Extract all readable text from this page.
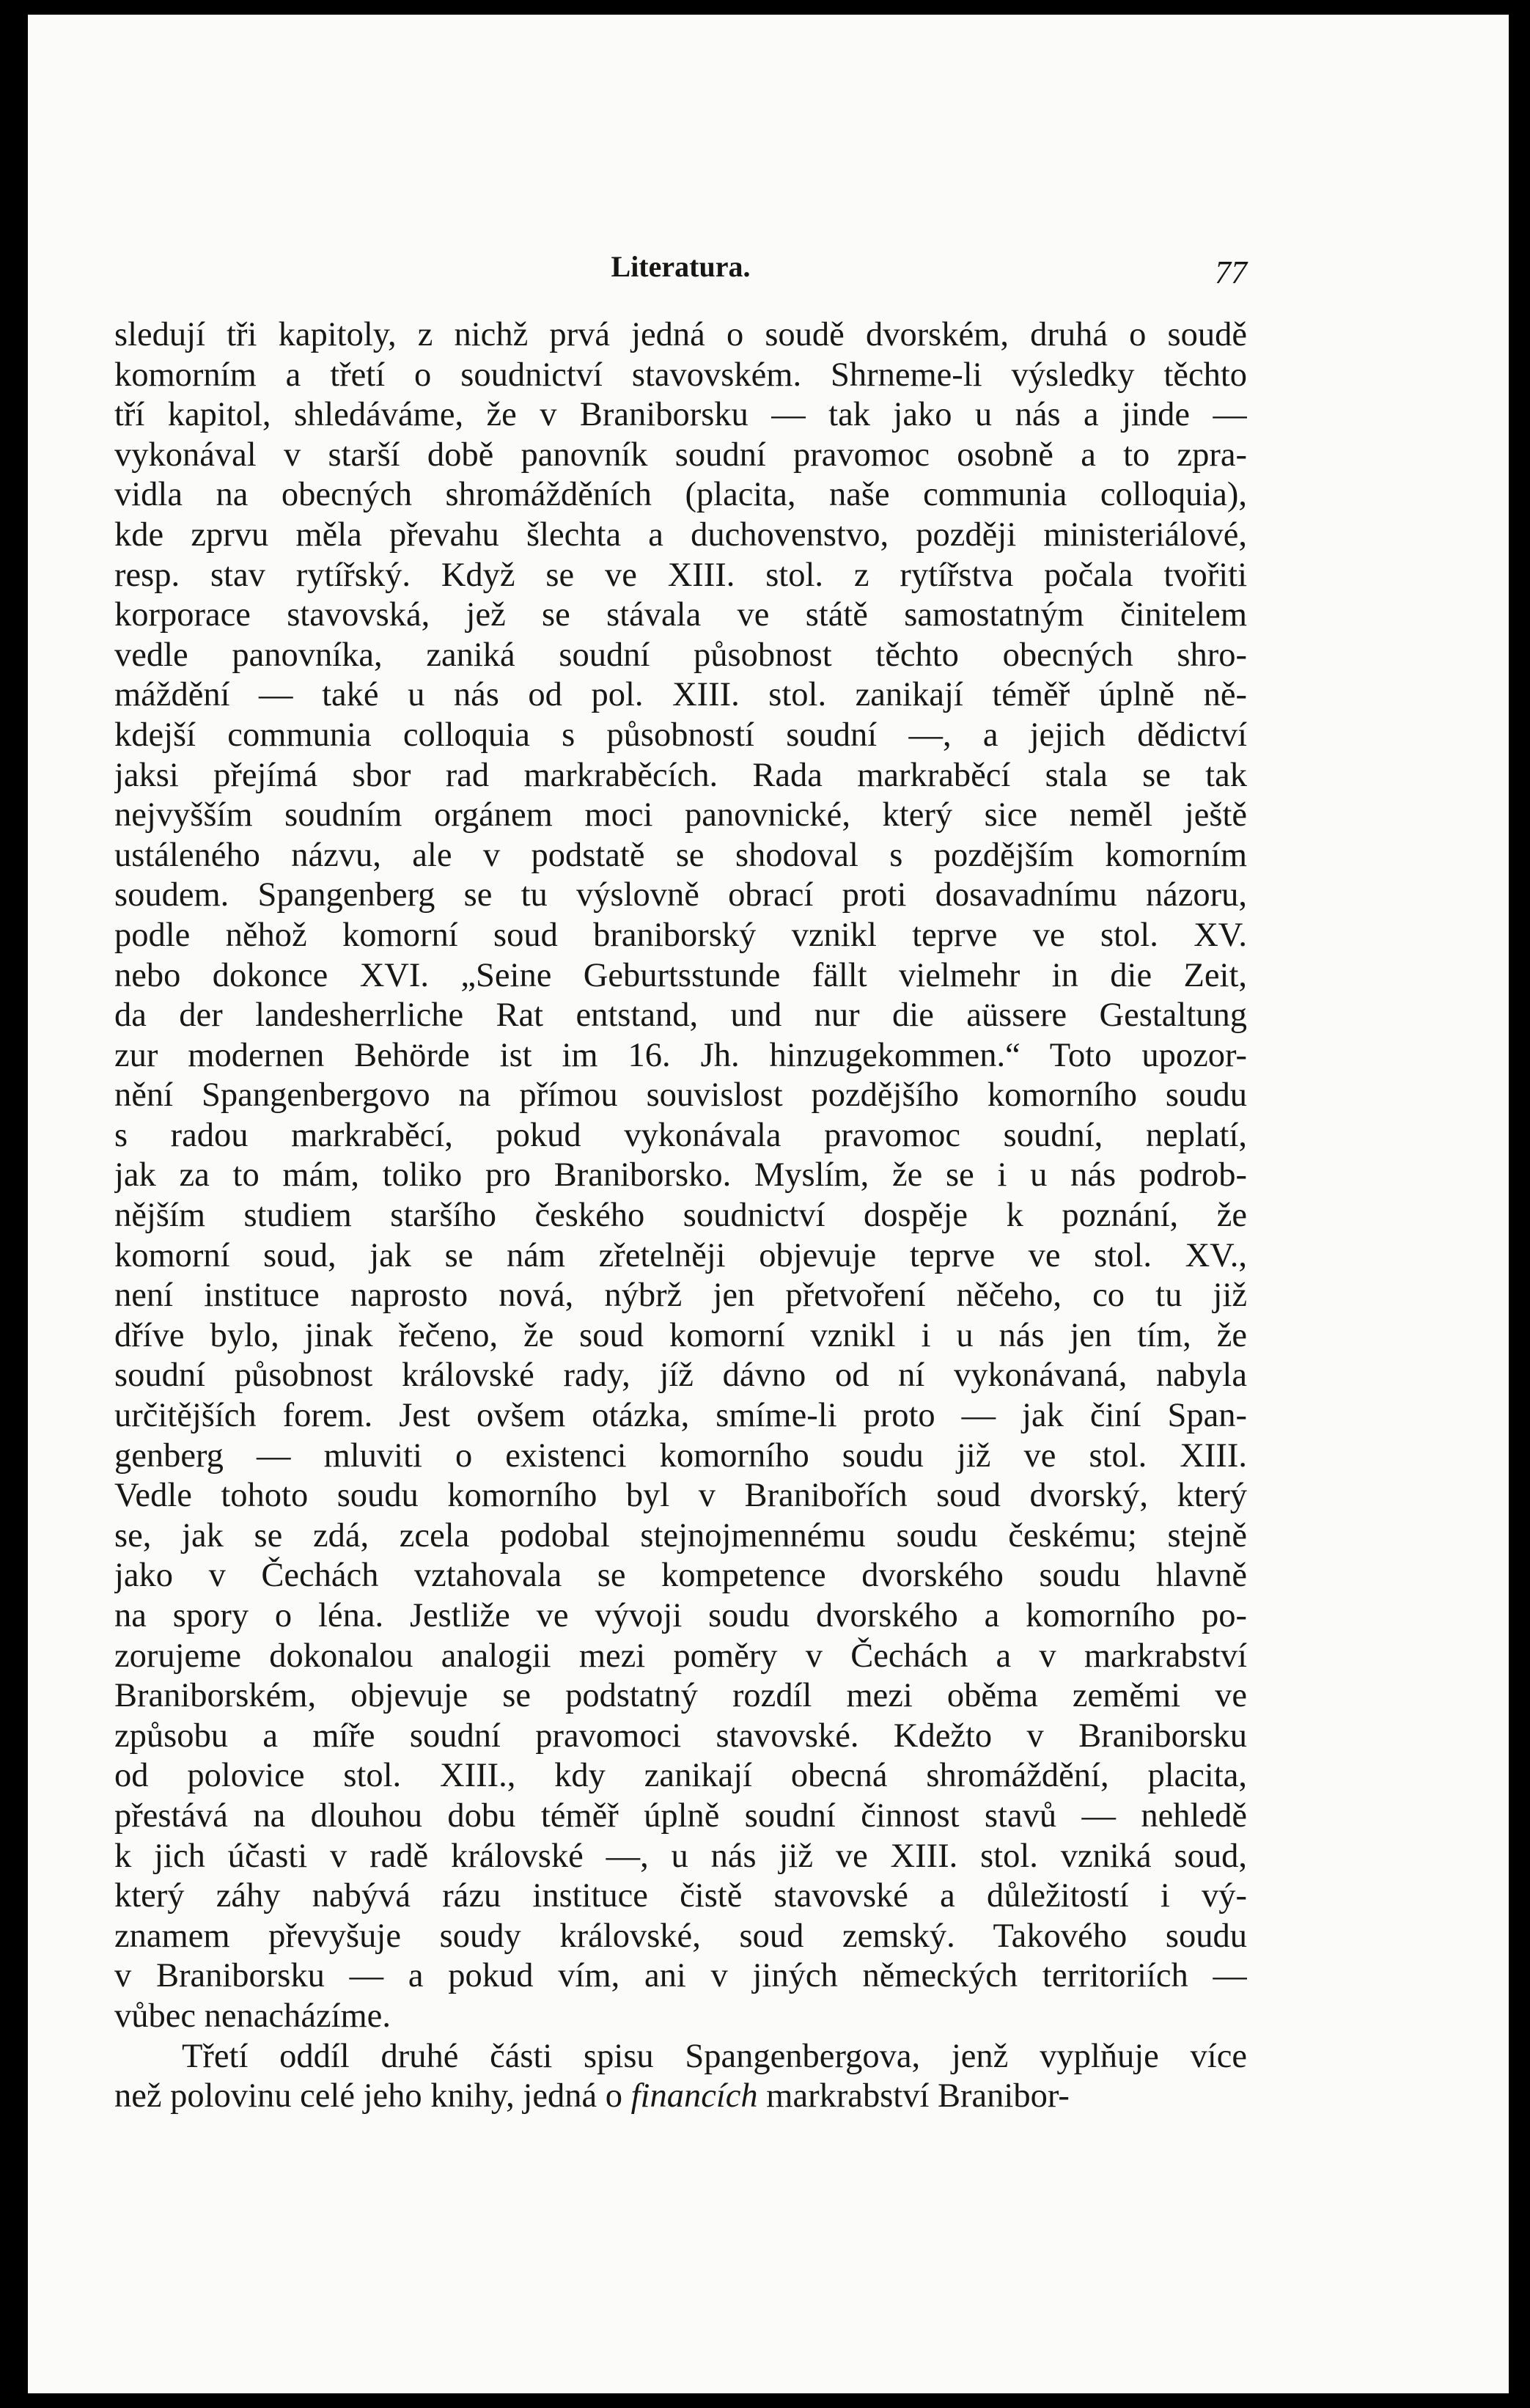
Literatura.	77
sledují tři kapitoly, z nichž prvá jedná o soudě dvorském, druhá o soudě
komorním a třetí o soudnictví stavovském. Shrneme-li výsledky těchto
tří kapitol, shledáváme, že v Braniborsku — tak jako u nás a jinde —
vykonával v starší době panovník soudní pravomoc osobně a to zpra-
vidla na obecných shromážděních (placita, naše communia colloquia),
kde zprvu měla převahu šlechta a duchovenstvo, později ministeriálové,
resp. stav rytířský. Když se ve XIII. stol. z rytířstva počala tvořiti
korporace stavovská, jež se stávala ve státě samostatným činitelem
vedle panovníka, zaniká soudní působnost těchto obecných shro-
máždění — také u nás od pol. XIII. stol. zanikají téměř úplně ně-
kdejší communia colloquia s působností soudní —, a jejich dědictví
jaksi přejímá sbor rad markraběcích. Rada markraběcí stala se tak
nejvyšším soudním orgánem moci panovnické, který sice neměl ještě
ustáleného názvu, ale v podstatě se shodoval s pozdějším komorním
soudem. Spangenberg se tu výslovně obrací proti dosavadnímu názoru,
podle něhož komorní soud braniborský vznikl teprve ve stol. XV.
nebo dokonce XVI. „Seine Geburtsstunde fällt vielmehr in die Zeit,
da der landesherrliche Rat entstand, und nur die aüssere Gestaltung
zur modernen Behörde ist im 16. Jh. hinzugekommen.“ Toto upozor-
nění Spangenbergovo na přímou souvislost pozdějšího komorního soudu
s radou markraběcí, pokud vykonávala pravomoc soudní, neplatí,
jak za to mám, toliko pro Braniborsko. Myslím, že se i u nás podrob-
nějším studiem staršího českého soudnictví dospěje k poznání, že
komorní soud, jak se nám zřetelněji objevuje teprve ve stol. XV.,
není instituce naprosto nová, nýbrž jen přetvoření něčeho, co tu již
dříve bylo, jinak řečeno, že soud komorní vznikl i u nás jen tím, že
soudní působnost královské rady, jíž dávno od ní vykonávaná, nabyla
určitějších forem. Jest ovšem otázka, smíme-li proto — jak činí Span-
genberg — mluviti o existenci komorního soudu již ve stol. XIII.
Vedle tohoto soudu komorního byl v Branibořích soud dvorský, který
se, jak se zdá, zcela podobal stejnojmennému soudu českému; stejně
jako v Čechách vztahovala se kompetence dvorského soudu hlavně
na spory o léna. Jestliže ve vývoji soudu dvorského a komorního po-
zorujeme dokonalou analogii mezi poměry v Čechách a v markrabství
Braniborském, objevuje se podstatný rozdíl mezi oběma zeměmi ve
způsobu a míře soudní pravomoci stavovské. Kdežto v Braniborsku
od polovice stol. XIII., kdy zanikají obecná shromáždění, placita,
přestává na dlouhou dobu téměř úplně soudní činnost stavů — nehledě
k jich účasti v radě královské —, u nás již ve XIII. stol. vzniká soud,
který záhy nabývá rázu instituce čistě stavovské a důležitostí i vý-
znamem převyšuje soudy královské, soud zemský. Takového soudu
v Braniborsku — a pokud vím, ani v jiných německých territoriích —
vůbec nenacházíme.
Třetí oddíl druhé části spisu Spangenbergova, jenž vyplňuje více
než polovinu celé jeho knihy, jedná o financích markrabství Branibor-
